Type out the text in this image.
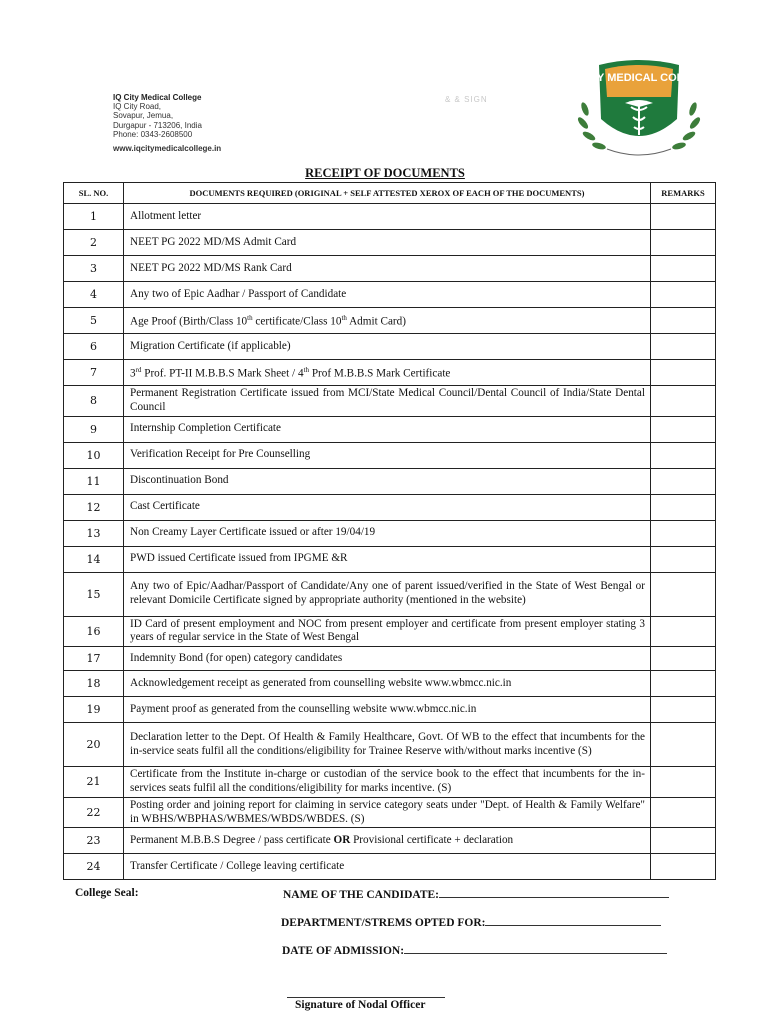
IQ City Medical College
IQ City Road,
Sovapur, Jemua,
Durgapur - 713206, India
Phone: 0343-2608500
www.iqcitymedicalcollege.in
& & SIGN
IQ CITY MEDICAL COLLEGE
RECEIPT OF DOCUMENTS
SL. NO.	DOCUMENTS REQUIRED (ORIGINAL + SELF ATTESTED XEROX OF EACH OF THE DOCUMENTS)	REMARKS
1	Allotment letter	
2	NEET PG 2022 MD/MS Admit Card	
3	NEET PG 2022 MD/MS Rank Card	
4	Any two of Epic Aadhar / Passport of Candidate	
5	Age Proof (Birth/Class 10th certificate/Class 10th Admit Card)	
6	Migration Certificate (if applicable)	
7	3rd Prof. PT-II M.B.B.S Mark Sheet / 4th Prof M.B.B.S Mark Certificate	
8	Permanent Registration Certificate issued from MCI/State Medical Council/Dental Council of India/State Dental Council	
9	Internship Completion Certificate	
10	Verification Receipt for Pre Counselling	
11	Discontinuation Bond	
12	Cast Certificate	
13	Non Creamy Layer Certificate issued or after 19/04/19	
14	PWD issued Certificate issued from IPGME &R	
15	Any two of Epic/Aadhar/Passport of Candidate/Any one of parent issued/verified in the State of West Bengal or relevant Domicile Certificate signed by appropriate authority (mentioned in the website)	
16	ID Card of present employment and NOC from present employer and certificate from present employer stating 3 years of regular service in the State of West Bengal	
17	Indemnity Bond (for open) category candidates	
18	Acknowledgement receipt as generated from counselling website www.wbmcc.nic.in	
19	Payment proof as generated from the counselling website www.wbmcc.nic.in	
20	Declaration letter to the Dept. Of Health & Family Healthcare, Govt. Of WB to the effect that incumbents for the in-service seats fulfil all the conditions/eligibility for Trainee Reserve with/without marks incentive (S)	
21	Certificate from the Institute in-charge or custodian of the service book to the effect that incumbents for the in-services seats fulfil all the conditions/eligibility for marks incentive. (S)	
22	Posting order and joining report for claiming in service category seats under "Dept. of Health & Family Welfare" in WBHS/WBPHAS/WBMES/WBDS/WBDES. (S)	
23	Permanent M.B.B.S Degree / pass certificate OR Provisional certificate + declaration	
24	Transfer Certificate / College leaving certificate	
College Seal:	NAME OF THE CANDIDATE:
DEPARTMENT/STREMS OPTED FOR:
DATE OF ADMISSION:
Signature of Nodal Officer
